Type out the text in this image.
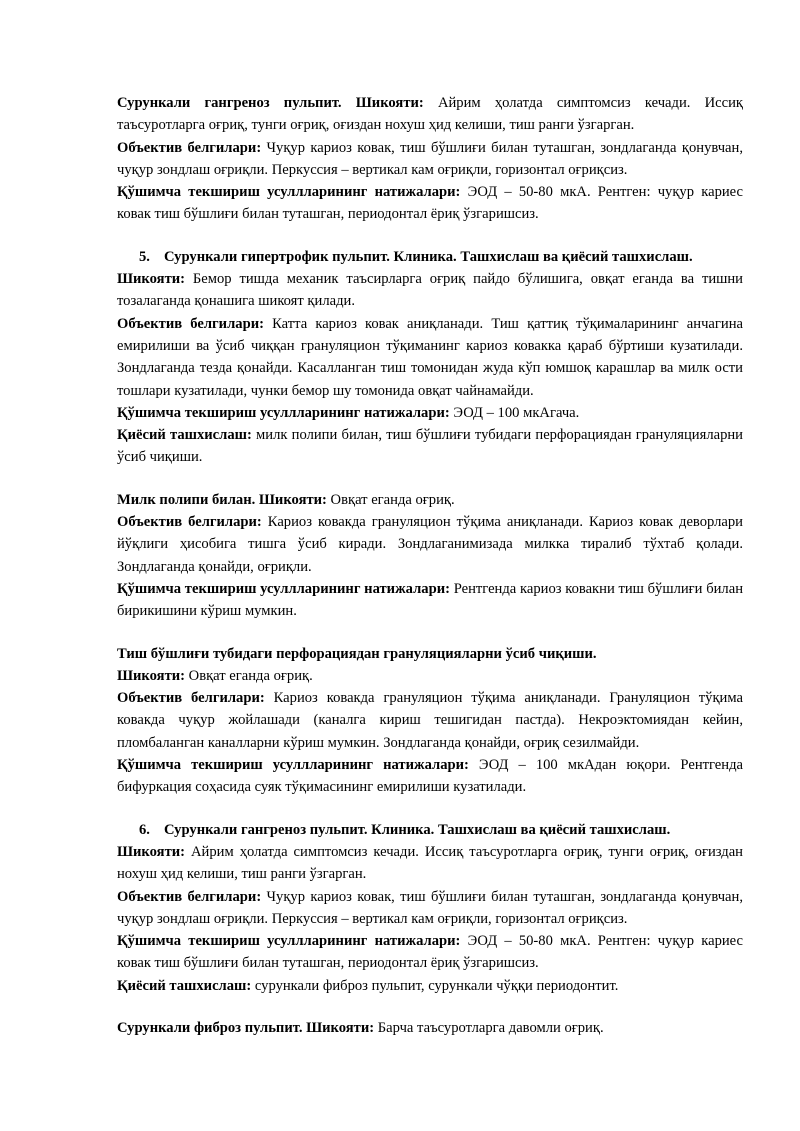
Сурункали гангреноз пульпит. Шикояти: Айрим ҳолатда симптомсиз кечади. Иссиқ таъсуротларга оғриқ, тунги оғриқ, оғиздан нохуш ҳид келиши, тиш ранги ўзгарган.

Объектив белгилари: Чуқур кариоз ковак, тиш бўшлиғи билан туташган, зондлаганда қонувчан, чуқур зондлаш оғриқли. Перкуссия – вертикал кам оғриқли, горизонтал оғриқсиз.

Қўшимча текшириш усуллларининг натижалари: ЭОД – 50-80 мкА. Рентген: чуқур кариес ковак тиш бўшлиғи билан туташган, периодонтал ёриқ ўзгаришсиз.

5. Сурункали гипертрофик пульпит. Клиника. Ташхислаш ва қиёсий ташхислаш.

Шикояти: Бемор тишда механик таъсирларга оғриқ пайдо бўлишига, овқат еганда ва тишни тозалаганда қонашига шикоят қилади.

Объектив белгилари: Катта кариоз ковак аниқланади. Тиш қаттиқ тўқималарининг анчагина емирилиши ва ўсиб чиққан грануляцион тўқиманинг кариоз ковакка қараб бўртиши кузатилади. Зондлаганда тезда қонайди. Касалланган тиш томонидан жуда кўп юмшоқ карашлар ва милк ости тошлари кузатилади, чунки бемор шу томонида овқат чайнамайди.

Қўшимча текшириш усуллларининг натижалари: ЭОД – 100 мкАгача.

Қиёсий ташхислаш: милк полипи билан, тиш бўшлиғи тубидаги перфорациядан грануляцияларни ўсиб чиқиши.

Милк полипи билан. Шикояти: Овқат еганда оғриқ.

Объектив белгилари: Кариоз ковакда грануляцион тўқима аниқланади. Кариоз ковак деворлари йўқлиги ҳисобига тишга ўсиб киради. Зондлаганимизада милкка тиралиб тўхтаб қолади. Зондлаганда қонайди, оғриқли.

Қўшимча текшириш усуллларининг натижалари: Рентгенда кариоз ковакни тиш бўшлиғи билан бирикишини кўриш мумкин.

Тиш бўшлиғи тубидаги перфорациядан грануляцияларни ўсиб чиқиши.

Шикояти: Овқат еганда оғриқ.

Объектив белгилари: Кариоз ковакда грануляцион тўқима аниқланади. Грануляцион тўқима ковакда чуқур жойлашади (каналга кириш тешигидан пастда). Некроэктомиядан кейин, пломбаланган каналларни кўриш мумкин. Зондлаганда қонайди, оғриқ сезилмайди.

Қўшимча текшириш усуллларининг натижалари: ЭОД – 100 мкАдан юқори. Рентгенда бифуркация соҳасида суяк тўқимасининг емирилиши кузатилади.

6. Сурункали гангреноз пульпит. Клиника. Ташхислаш ва қиёсий ташхислаш.

Шикояти: Айрим ҳолатда симптомсиз кечади. Иссиқ таъсуротларга оғриқ, тунги оғриқ, оғиздан нохуш ҳид келиши, тиш ранги ўзгарган.

Объектив белгилари: Чуқур кариоз ковак, тиш бўшлиғи билан туташган, зондлаганда қонувчан, чуқур зондлаш оғриқли. Перкуссия – вертикал кам оғриқли, горизонтал оғриқсиз.

Қўшимча текшириш усуллларининг натижалари: ЭОД – 50-80 мкА. Рентген: чуқур кариес ковак тиш бўшлиғи билан туташган, периодонтал ёриқ ўзгаришсиз.

Қиёсий ташхислаш: сурункали фиброз пульпит, сурункали чўққи периодонтит.

Сурункали фиброз пульпит. Шикояти: Барча таъсуротларга давомли оғриқ.
